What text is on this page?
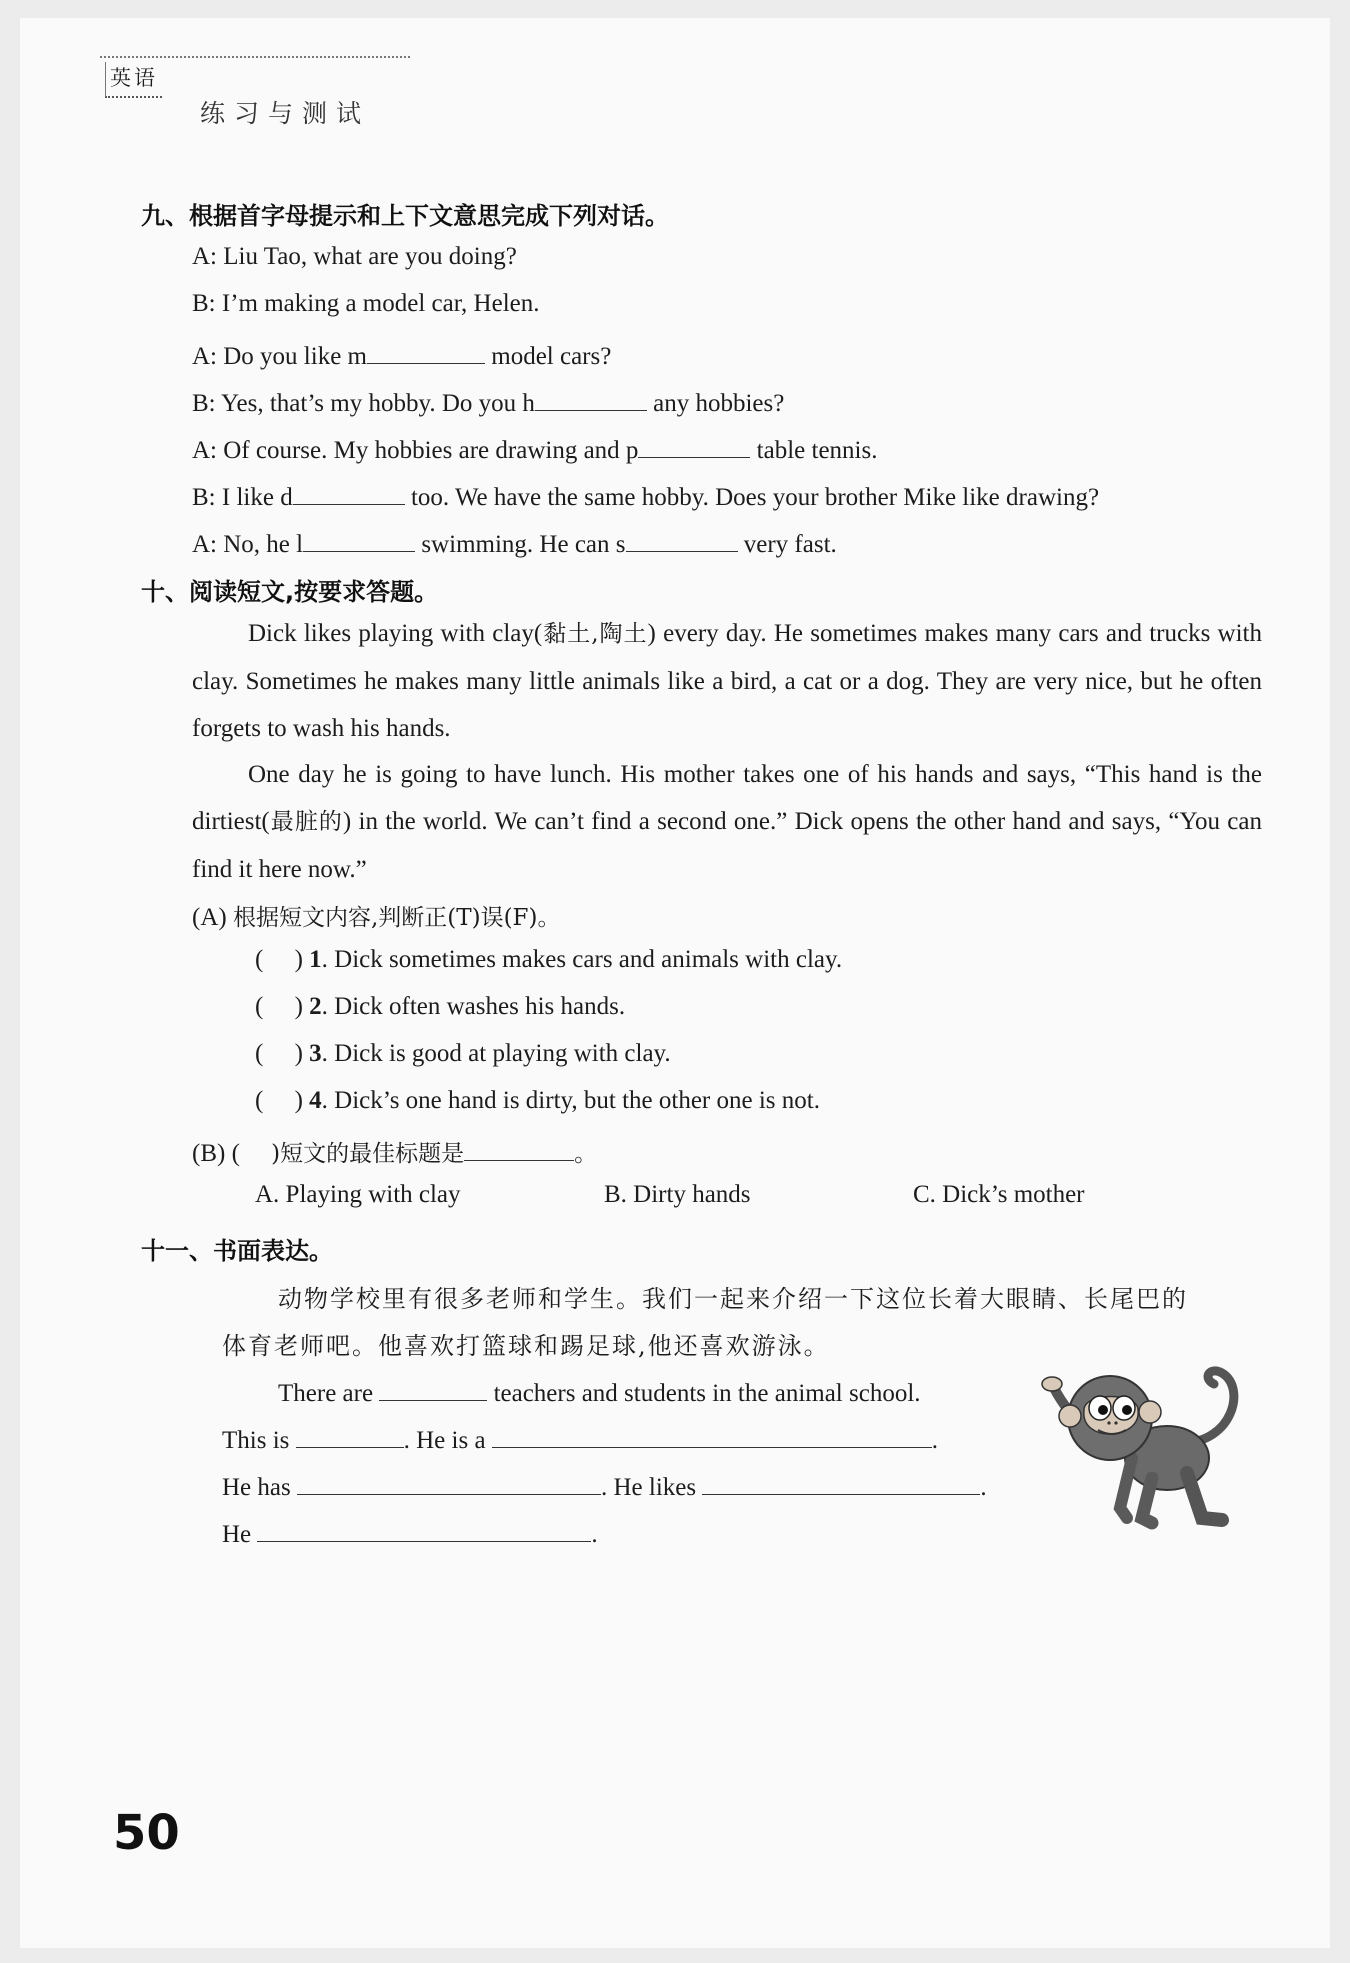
英语
练习与测试
九、根据首字母提示和上下文意思完成下列对话。
A: Liu Tao, what are you doing?
B: I’m making a model car, Helen.
A: Do you like m	model cars?
B: Yes, that’s my hobby. Do you h	any hobbies?
A: Of course. My hobbies are drawing and p	table tennis.
B: I like d	too. We have the same hobby. Does your brother Mike like drawing?
A: No, he l	swimming. He can s	very fast.
十、阅读短文,按要求答题。
Dick likes playing with clay(黏土,陶土) every day. He sometimes makes many cars and trucks with clay. Sometimes he makes many little animals like a bird, a cat or a dog. They are very nice, but he often forgets to wash his hands.
One day he is going to have lunch. His mother takes one of his hands and says, “This hand is the dirtiest(最脏的) in the world. We can’t find a second one.” Dick opens the other hand and says, “You can find it here now.”
(A) 根据短文内容,判断正(T)误(F)。
(     ) 1. Dick sometimes makes cars and animals with clay.
(     ) 2. Dick often washes his hands.
(     ) 3. Dick is good at playing with clay.
(     ) 4. Dick’s one hand is dirty, but the other one is not.
(B) (     )短文的最佳标题是	。
A. Playing with clay	B. Dirty hands	C. Dick’s mother
十一、书面表达。
动物学校里有很多老师和学生。我们一起来介绍一下这位长着大眼睛、长尾巴的
体育老师吧。他喜欢打篮球和踢足球,他还喜欢游泳。
There are	teachers and students in the animal school.
This is	. He is a	.
He has	. He likes	.
He	.
50
